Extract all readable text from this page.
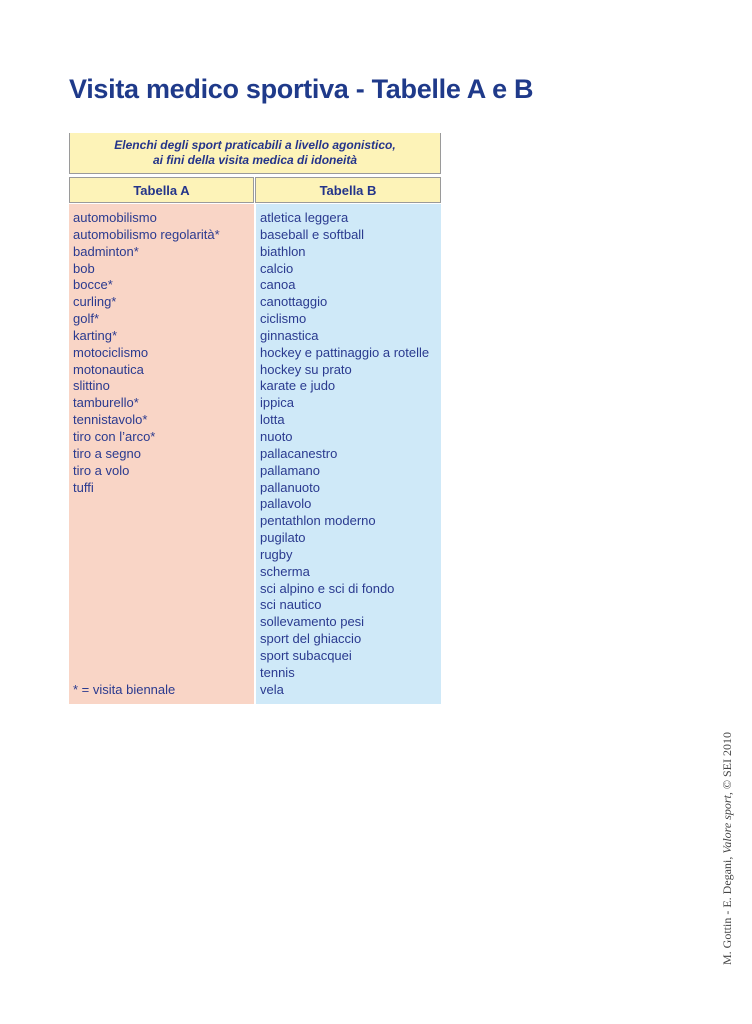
Visita medico sportiva - Tabelle A e B
Elenchi degli sport praticabili a livello agonistico,
ai fini della visita medica di idoneità
Tabella A	Tabella B
automobilismo
automobilismo regolarità*
badminton*
bob
bocce*
curling*
golf*
karting*
motociclismo
motonautica
slittino
tamburello*
tennistavolo*
tiro con l’arco*
tiro a segno
tiro a volo
tuffi
* = visita biennale
atletica leggera
baseball e softball
biathlon
calcio
canoa
canottaggio
ciclismo
ginnastica
hockey e pattinaggio a rotelle
hockey su prato
karate e judo
ippica
lotta
nuoto
pallacanestro
pallamano
pallanuoto
pallavolo
pentathlon moderno
pugilato
rugby
scherma
sci alpino e sci di fondo
sci nautico
sollevamento pesi
sport del ghiaccio
sport subacquei
tennis
vela
M. Gottin - E. Degani, Valore sport, © SEI 2010
